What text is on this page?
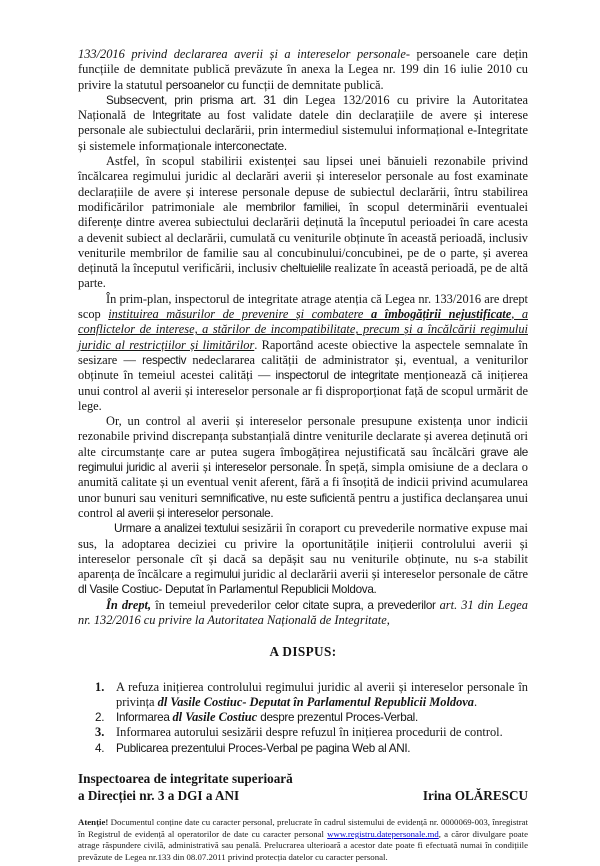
133/2016 privind declararea averii și a intereselor personale- persoanele care dețin funcțiile de demnitate publică prevăzute în anexa la Legea nr. 199 din 16 iulie 2010 cu privire la statutul persoanelor cu funcții de demnitate publică.

Subsecvent, prin prisma art. 31 din Legea 132/2016 cu privire la Autoritatea Națională de Integritate au fost validate datele din declarațiile de avere și interese personale ale subiectului declarării, prin intermediul sistemului informațional e-Integritate și sistemele informaționale interconectate.

Astfel, în scopul stabilirii existenței sau lipsei unei bănuieli rezonabile privind încălcarea regimului juridic al declarări averii și intereselor personale au fost examinate declarațiile de avere și interese personale depuse de subiectul declarării, întru stabilirea modificărilor patrimoniale ale membrilor familiei, în scopul determinării eventualei diferențe dintre averea subiectului declarării deținută la începutul perioadei în care acesta a devenit subiect al declarării, cumulată cu veniturile obținute în această perioadă, inclusiv veniturile membrilor de familie sau al concubinului/concubinei, pe de o parte, și averea deținută la începutul verificării, inclusiv cheltuielile realizate în această perioadă, pe de altă parte.

În prim-plan, inspectorul de integritate atrage atenția că Legea nr. 133/2016 are drept scop instituirea măsurilor de prevenire și combatere a îmbogățirii nejustificate, a conflictelor de interese, a stărilor de incompatibilitate, precum și a încălcării regimului juridic al restricțiilor și limitărilor. Raportând aceste obiective la aspectele semnalate în sesizare — respectiv nedeclararea calității de administrator și, eventual, a veniturilor obținute în temeiul acestei calități — inspectorul de integritate menționează că inițierea unui control al averii și intereselor personale ar fi disproporționat față de scopul urmărit de lege.

Or, un control al averii și intereselor personale presupune existența unor indicii rezonabile privind discrepanța substanțială dintre veniturile declarate și averea deținută ori alte circumstanțe care ar putea sugera îmbogățirea nejustificată sau încălcări grave ale regimului juridic al averii și intereselor personale. În speță, simpla omisiune de a declara o anumită calitate și un eventual venit aferent, fără a fi însoțită de indicii privind acumularea unor bunuri sau venituri semnificative, nu este suficientă pentru a justifica declanșarea unui control al averii și intereselor personale.

Urmare a analizei textului sesizării în coraport cu prevederile normative expuse mai sus, la adoptarea deciziei cu privire la oportunitățile inițierii controlului averii și intereselor personale cît și dacă sa depășit sau nu veniturile obținute, nu s-a stabilit aparența de încălcare a regimului juridic al declarării averii și intereselor personale de către dl Vasile Costiuc- Deputat în Parlamentul Republicii Moldova.

În drept, în temeiul prevederilor celor citate supra, a prevederilor art. 31 din Legea nr. 132/2016 cu privire la Autoritatea Națională de Integritate,

A DISPUS:
1. A refuza inițierea controlului regimului juridic al averii și intereselor personale în privința dl Vasile Costiuc- Deputat în Parlamentul Republicii Moldova.
2.	Informarea dl Vasile Costiuc despre prezentul Proces-Verbal.
3. Informarea autorului sesizării despre refuzul în inițierea procedurii de control.
4.	Publicarea prezentului Proces-Verbal pe pagina Web al ANI.
Inspectoarea de integritate superioară
a Direcției nr. 3 a DGI a ANI	Irina OLĂRESCU
Atenție! Documentul conține date cu caracter personal, prelucrate în cadrul sistemului de evidență nr. 0000069-003, înregistrat în Registrul de evidență al operatorilor de date cu caracter personal www.registru.datepersonale.md, a căror divulgare poate atrage răspundere civilă, administrativă sau penală. Prelucrarea ulterioară a acestor date poate fi efectuată numai în condițiile prevăzute de Legea nr.133 din 08.07.2011 privind protecția datelor cu caracter personal.
